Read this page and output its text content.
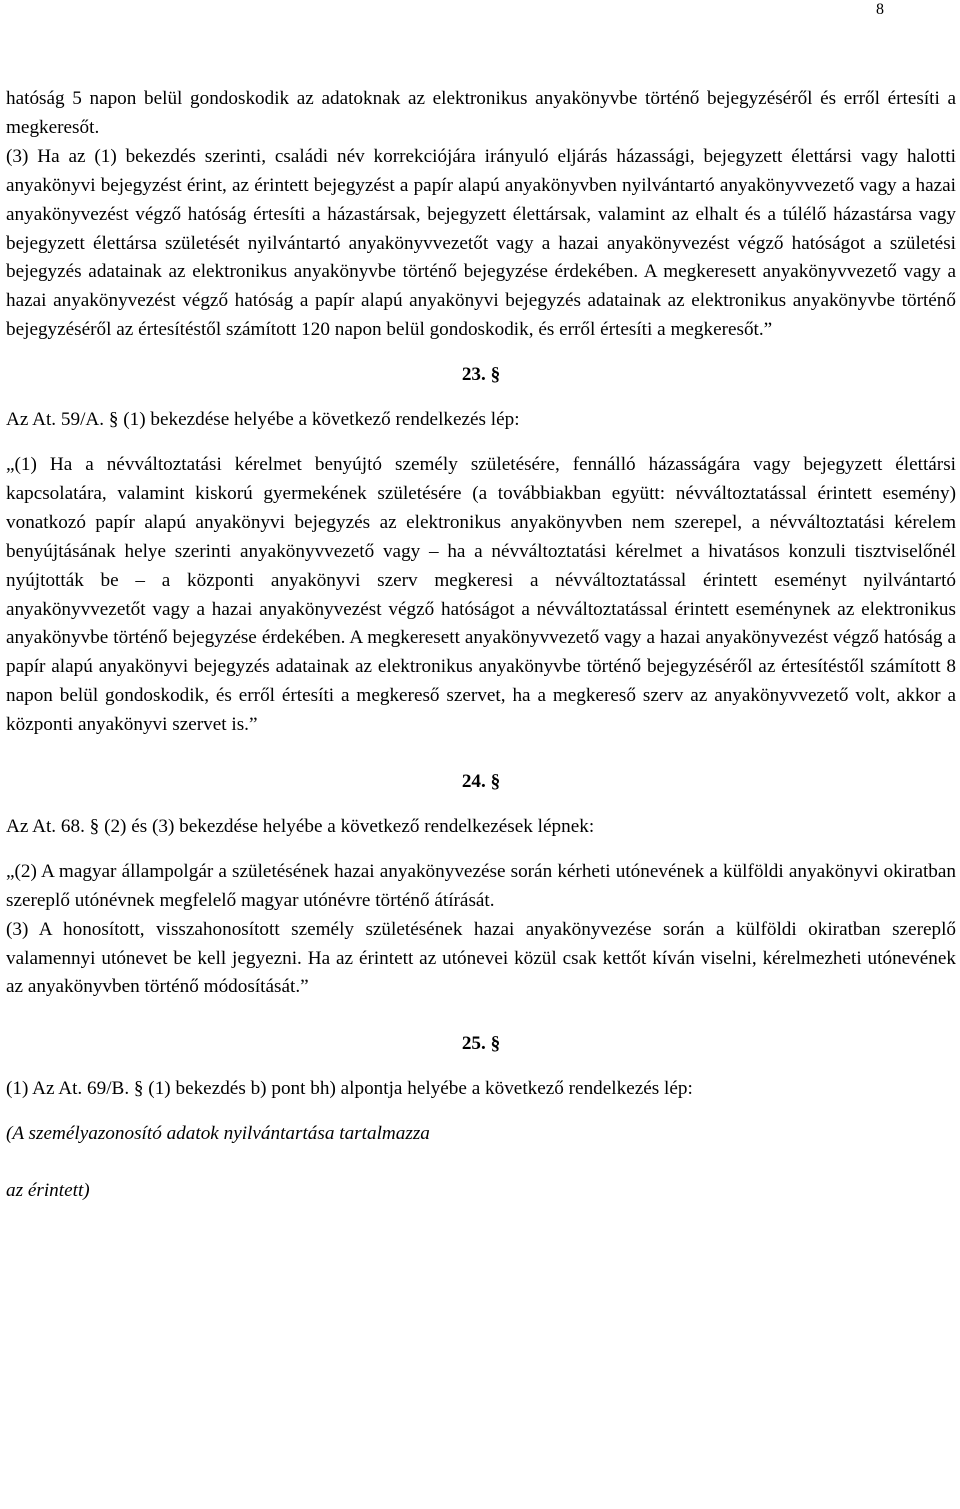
8

hatóság 5 napon belül gondoskodik az adatoknak az elektronikus anyakönyvbe történő bejegyzéséről és erről értesíti a megkeresőt.

(3) Ha az (1) bekezdés szerinti, családi név korrekciójára irányuló eljárás házassági, bejegyzett élettársi vagy halotti anyakönyvi bejegyzést érint, az érintett bejegyzést a papír alapú anyakönyvben nyilvántartó anyakönyvvezető vagy a hazai anyakönyvezést végző hatóság értesíti a házastársak, bejegyzett élettársak, valamint az elhalt és a túlélő házastársa vagy bejegyzett élettársa születését nyilvántartó anyakönyvvezetőt vagy a hazai anyakönyvezést végző hatóságot a születési bejegyzés adatainak az elektronikus anyakönyvbe történő bejegyzése érdekében. A megkeresett anyakönyvvezető vagy a hazai anyakönyvezést végző hatóság a papír alapú anyakönyvi bejegyzés adatainak az elektronikus anyakönyvbe történő bejegyzéséről az értesítéstől számított 120 napon belül gondoskodik, és erről értesíti a megkeresőt.”

23. §

Az At. 59/A. § (1) bekezdése helyébe a következő rendelkezés lép:

„(1) Ha a névváltoztatási kérelmet benyújtó személy születésére, fennálló házasságára vagy bejegyzett élettársi kapcsolatára, valamint kiskorú gyermekének születésére (a továbbiakban együtt: névváltoztatással érintett esemény) vonatkozó papír alapú anyakönyvi bejegyzés az elektronikus anyakönyvben nem szerepel, a névváltoztatási kérelem benyújtásának helye szerinti anyakönyvvezető vagy – ha a névváltoztatási kérelmet a hivatásos konzuli tisztviselőnél nyújtották be – a központi anyakönyvi szerv megkeresi a névváltoztatással érintett eseményt nyilvántartó anyakönyvvezetőt vagy a hazai anyakönyvezést végző hatóságot a névváltoztatással érintett eseménynek az elektronikus anyakönyvbe történő bejegyzése érdekében. A megkeresett anyakönyvvezető vagy a hazai anyakönyvezést végző hatóság a papír alapú anyakönyvi bejegyzés adatainak az elektronikus anyakönyvbe történő bejegyzéséről az értesítéstől számított 8 napon belül gondoskodik, és erről értesíti a megkereső szervet, ha a megkereső szerv az anyakönyvvezető volt, akkor a központi anyakönyvi szervet is.”

24. §

Az At. 68. § (2) és (3) bekezdése helyébe a következő rendelkezések lépnek:

„(2) A magyar állampolgár a születésének hazai anyakönyvezése során kérheti utónevének a külföldi anyakönyvi okiratban szereplő utónévnek megfelelő magyar utónévre történő átírását.

(3) A honosított, visszahonosított személy születésének hazai anyakönyvezése során a külföldi okiratban szereplő valamennyi utónevet be kell jegyezni. Ha az érintett az utónevei közül csak kettőt kíván viselni, kérelmezheti utónevének az anyakönyvben történő módosítását.”

25. §

(1) Az At. 69/B. § (1) bekezdés b) pont bh) alpontja helyébe a következő rendelkezés lép:

(A személyazonosító adatok nyilvántartása tartalmazza

az érintett)
